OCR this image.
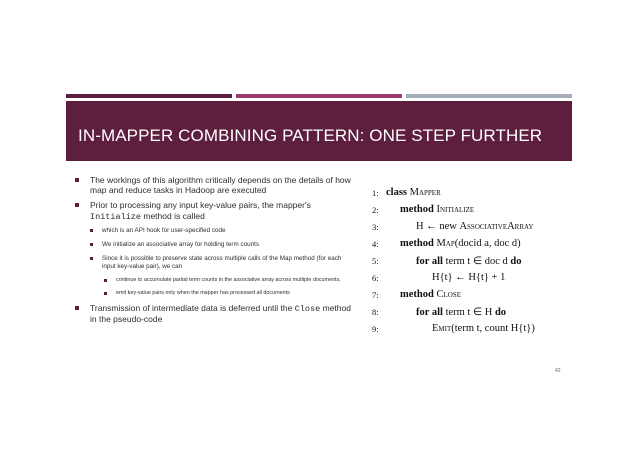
IN-MAPPER COMBINING PATTERN: ONE STEP FURTHER
The workings of this algorithm critically depends on the details of how map and reduce tasks in Hadoop are executed
Prior to processing any input key-value pairs, the mapper's Initialize method is called
which is an API hook for user-specified code
We initialize an associative array for holding term counts
Since it is possible to preserve state across multiple calls of the Map method (for each input key-value pair), we can
continue to accumulate partial term counts in the associative array across multiple documents,
emit key-value pairs only when the mapper has processed all documents
Transmission of intermediate data is deferred until the Close method in the pseudo-code
1: class Mapper
2: method Initialize
3:	H ← new AssociativeArray
4: method Map(docid a, doc d)
5:	for all term t ∈ doc d do
6:	H{t} ← H{t} + 1
7: method Close
8:	for all term t ∈ H do
9:	Emit(term t, count H{t})
42
